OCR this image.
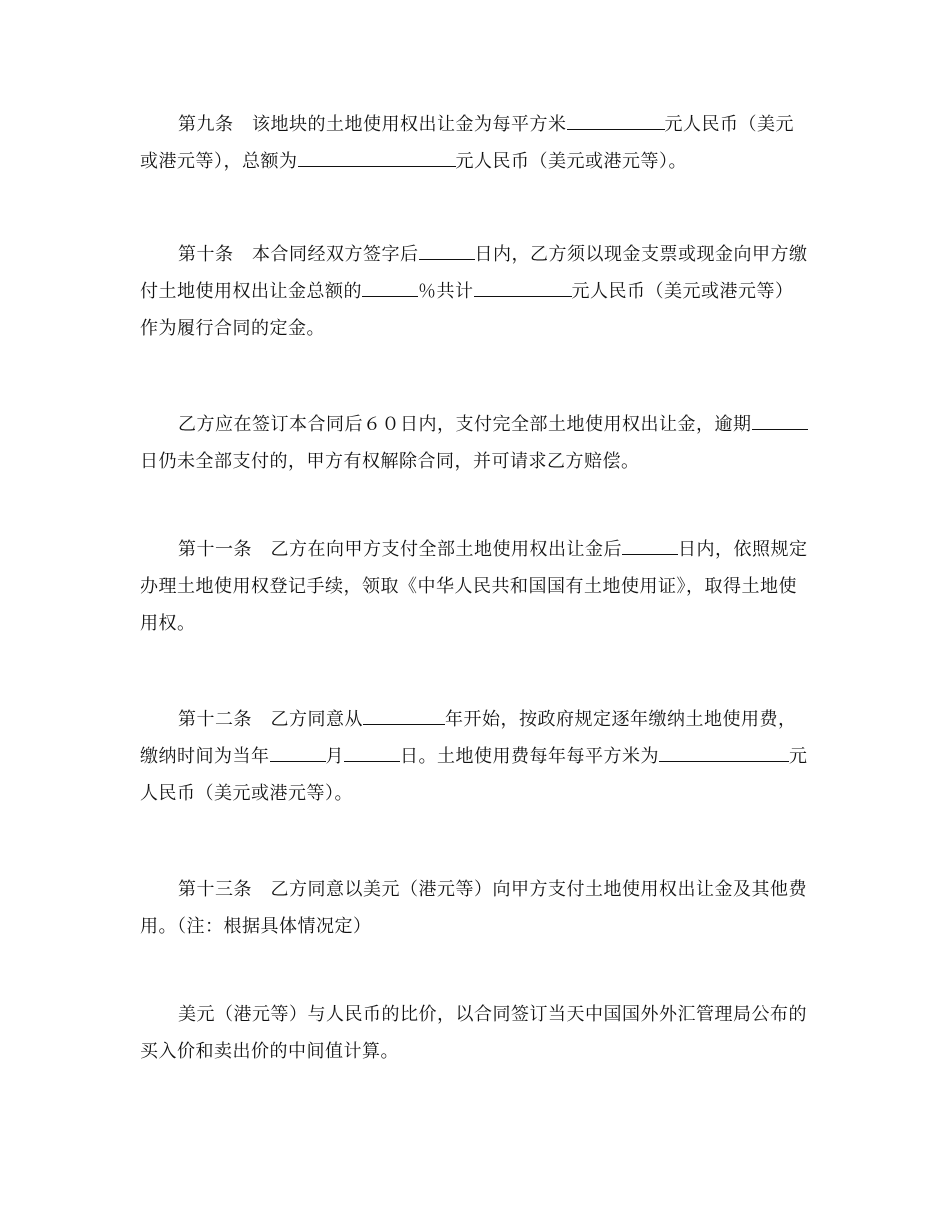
第九条　该地块的土地使用权出让金为每平方米	元人民币（美元
或港元等），总额为	元人民币（美元或港元等）。
第十条　本合同经双方签字后	日内，乙方须以现金支票或现金向甲方缴
付土地使用权出让金总额的	％共计	元人民币（美元或港元等）
作为履行合同的定金。
乙方应在签订本合同后６０日内，支付完全部土地使用权出让金，逾期
日仍未全部支付的，甲方有权解除合同，并可请求乙方赔偿。
第十一条　乙方在向甲方支付全部土地使用权出让金后	日内，依照规定
办理土地使用权登记手续，领取《中华人民共和国国有土地使用证》，取得土地使
用权。
第十二条　乙方同意从	年开始，按政府规定逐年缴纳土地使用费，
缴纳时间为当年	月	日。土地使用费每年每平方米为	元
人民币（美元或港元等）。
第十三条　乙方同意以美元（港元等）向甲方支付土地使用权出让金及其他费
用。（注：根据具体情况定）
美元（港元等）与人民币的比价，以合同签订当天中国国外外汇管理局公布的
买入价和卖出价的中间值计算。
